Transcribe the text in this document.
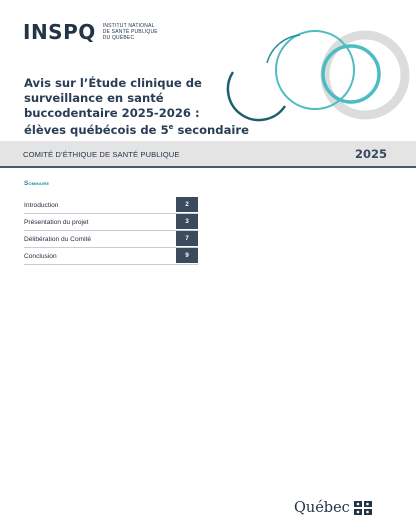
INSPQ INSTITUT NATIONAL
DE SANTÉ PUBLIQUE
DU QUÉBEC
Avis sur l’Étude clinique de
surveillance en santé
buccodentaire 2025-2026 :
élèves québécois de 5e secondaire
COMITÉ D’ÉTHIQUE DE SANTÉ PUBLIQUE	2025
Sommaire
Introduction	2
Présentation du projet	3
Délibération du Comité	7
Conclusion	9
Québec
